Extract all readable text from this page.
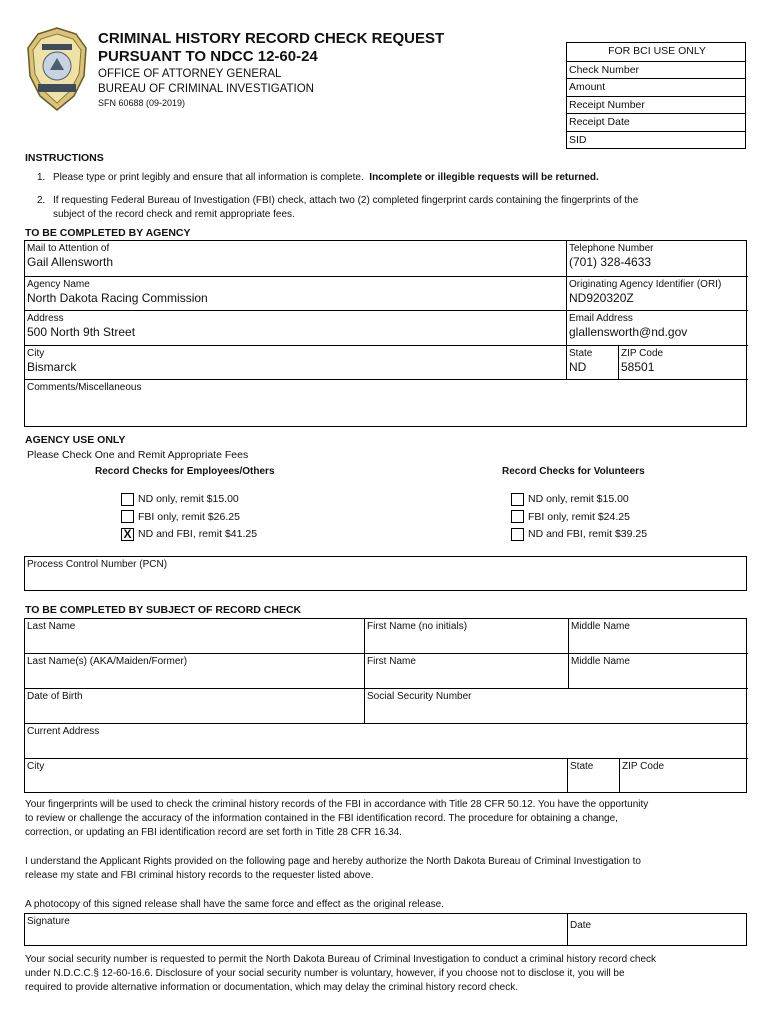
CRIMINAL HISTORY RECORD CHECK REQUEST
PURSUANT TO NDCC 12-60-24
OFFICE OF ATTORNEY GENERAL
BUREAU OF CRIMINAL INVESTIGATION
SFN 60688 (09-2019)
FOR BCI USE ONLY
Check Number
Amount
Receipt Number
Receipt Date
SID
INSTRUCTIONS
1. Please type or print legibly and ensure that all information is complete. Incomplete or illegible requests will be returned.
2. If requesting Federal Bureau of Investigation (FBI) check, attach two (2) completed fingerprint cards containing the fingerprints of the
subject of the record check and remit appropriate fees.
TO BE COMPLETED BY AGENCY
Mail to Attention of
Gail Allensworth
Telephone Number
(701) 328-4633
Agency Name
North Dakota Racing Commission
Originating Agency Identifier (ORI)
ND920320Z
Address
500 North 9th Street
Email Address
glallensworth@nd.gov
City
Bismarck
State
ND
ZIP Code
58501
Comments/Miscellaneous
AGENCY USE ONLY
Please Check One and Remit Appropriate Fees
Record Checks for Employees/Others	Record Checks for Volunteers
ND only, remit $15.00
FBI only, remit $26.25
X ND and FBI, remit $41.25
ND only, remit $15.00
FBI only, remit $24.25
ND and FBI, remit $39.25
Process Control Number (PCN)
TO BE COMPLETED BY SUBJECT OF RECORD CHECK
Last Name	First Name (no initials)	Middle Name
Last Name(s) (AKA/Maiden/Former)	First Name	Middle Name
Date of Birth	Social Security Number
Current Address
City	State	ZIP Code
Your fingerprints will be used to check the criminal history records of the FBI in accordance with Title 28 CFR 50.12. You have the opportunity
to review or challenge the accuracy of the information contained in the FBI identification record. The procedure for obtaining a change,
correction, or updating an FBI identification record are set forth in Title 28 CFR 16.34.
I understand the Applicant Rights provided on the following page and hereby authorize the North Dakota Bureau of Criminal Investigation to
release my state and FBI criminal history records to the requester listed above.
A photocopy of this signed release shall have the same force and effect as the original release.
Signature	Date
Your social security number is requested to permit the North Dakota Bureau of Criminal Investigation to conduct a criminal history record check
under N.D.C.C.§ 12-60-16.6. Disclosure of your social security number is voluntary, however, if you choose not to disclose it, you will be
required to provide alternative information or documentation, which may delay the criminal history record check.
